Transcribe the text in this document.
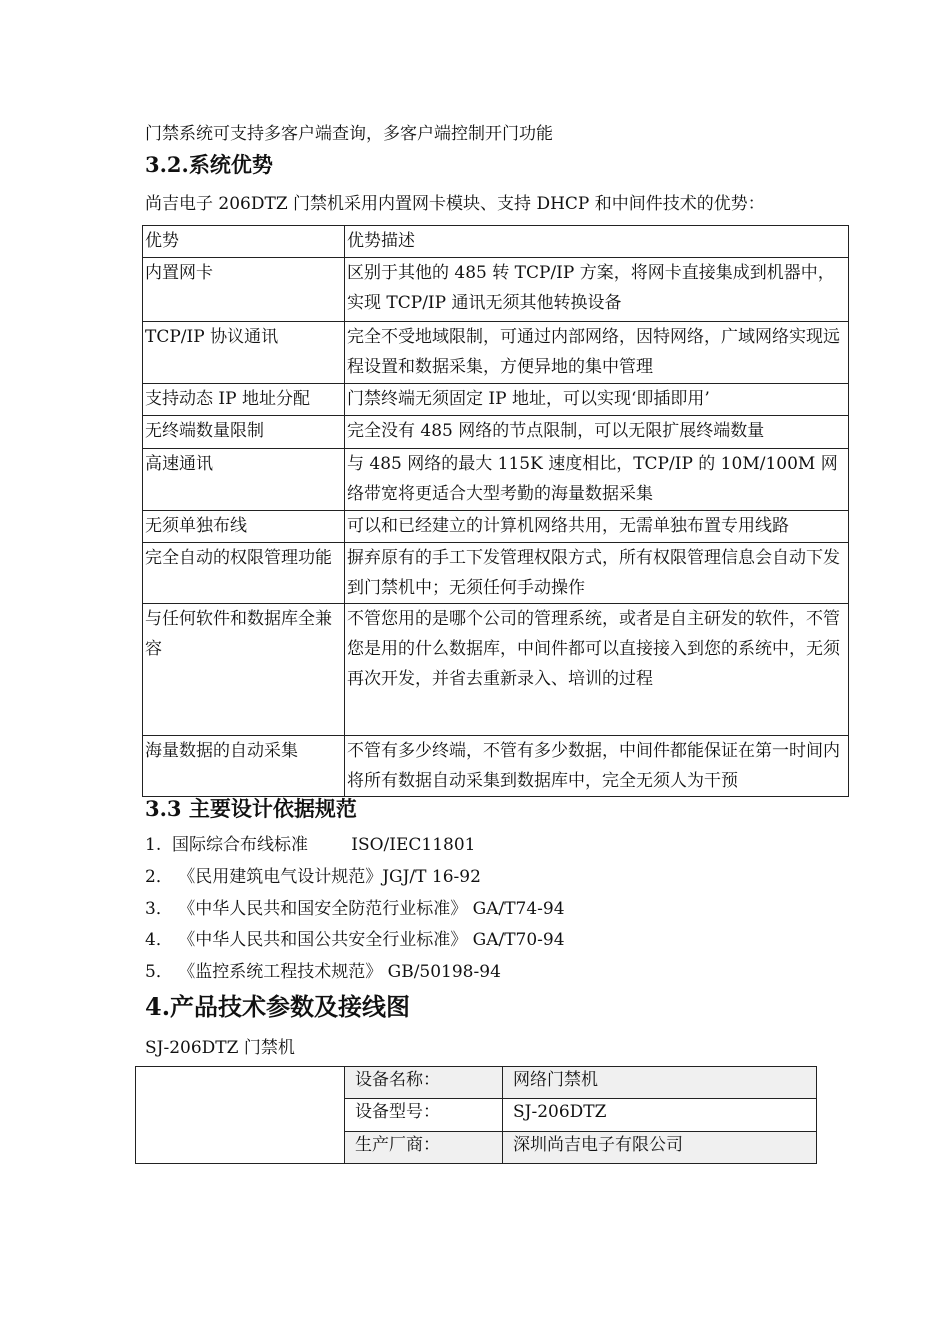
门禁系统可支持多客户端查询，多客户端控制开门功能
3.2.系统优势
尚吉电子 206DTZ 门禁机采用内置网卡模块、支持 DHCP 和中间件技术的优势：
优势	优势描述
内置网卡	区别于其他的 485 转 TCP/IP 方案，将网卡直接集成到机器中，实现 TCP/IP 通讯无须其他转换设备
TCP/IP 协议通讯	完全不受地域限制，可通过内部网络，因特网络，广域网络实现远程设置和数据采集，方便异地的集中管理
支持动态 IP 地址分配	门禁终端无须固定 IP 地址，可以实现‘即插即用’
无终端数量限制	完全没有 485 网络的节点限制，可以无限扩展终端数量
高速通讯	与 485 网络的最大 115K 速度相比，TCP/IP 的 10M/100M 网络带宽将更适合大型考勤的海量数据采集
无须单独布线	可以和已经建立的计算机网络共用，无需单独布置专用线路
完全自动的权限管理功能	摒弃原有的手工下发管理权限方式，所有权限管理信息会自动下发到门禁机中；无须任何手动操作
与任何软件和数据库全兼容	不管您用的是哪个公司的管理系统，或者是自主研发的软件，不管您是用的什么数据库，中间件都可以直接接入到您的系统中，无须再次开发，并省去重新录入、培训的过程
海量数据的自动采集	不管有多少终端，不管有多少数据，中间件都能保证在第一时间内将所有数据自动采集到数据库中，完全无须人为干预
3.3 主要设计依据规范
1.  国际综合布线标准        ISO/IEC11801
2． 《民用建筑电气设计规范》JGJ/T 16-92
3． 《中华人民共和国安全防范行业标准》 GA/T74-94
4． 《中华人民共和国公共安全行业标准》 GA/T70-94
5． 《监控系统工程技术规范》 GB/50198-94
4.产品技术参数及接线图
SJ-206DTZ 门禁机
	设备名称：	网络门禁机
	设备型号：	SJ-206DTZ
	生产厂商：	深圳尚吉电子有限公司
